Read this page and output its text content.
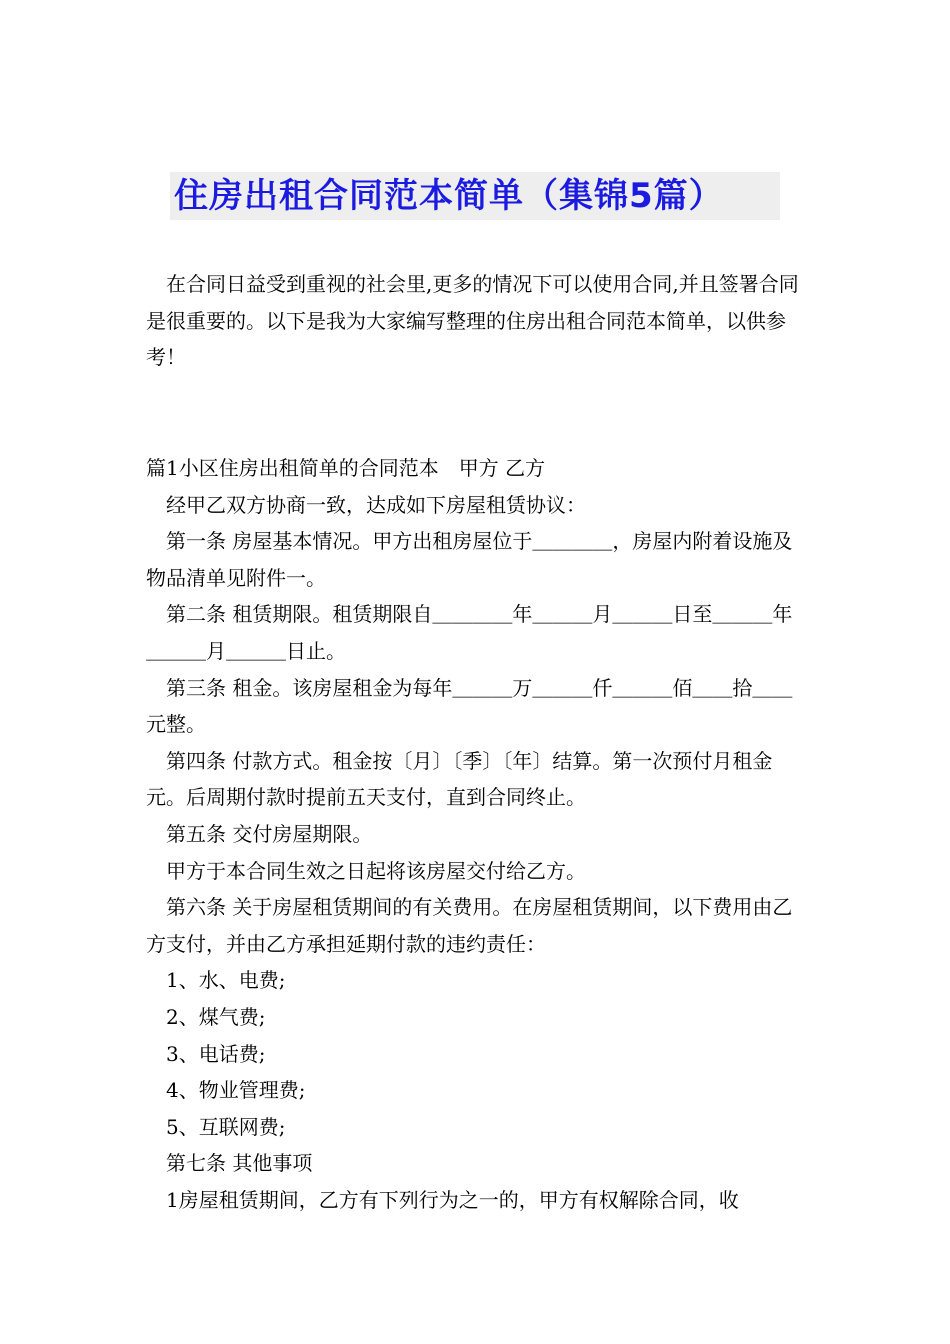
住房出租合同范本简单（集锦5篇）

在合同日益受到重视的社会里,更多的情况下可以使用合同,并且签署合同是很重要的。以下是我为大家编写整理的住房出租合同范本简单，以供参考！

篇1小区住房出租简单的合同范本　甲方 乙方

经甲乙双方协商一致，达成如下房屋租赁协议：

第一条 房屋基本情况。甲方出租房屋位于＿＿＿＿，房屋内附着设施及物品清单见附件一。

第二条 租赁期限。租赁期限自＿＿＿＿年＿＿＿月＿＿＿日至＿＿＿年＿＿＿月＿＿＿日止。

第三条 租金。该房屋租金为每年＿＿＿万＿＿＿仟＿＿＿佰＿＿拾＿＿元整。

第四条 付款方式。租金按〔月〕〔季〕〔年〕结算。第一次预付月租金 元。后周期付款时提前五天支付，直到合同终止。

第五条 交付房屋期限。

甲方于本合同生效之日起将该房屋交付给乙方。

第六条 关于房屋租赁期间的有关费用。在房屋租赁期间，以下费用由乙方支付，并由乙方承担延期付款的违约责任：

1、水、电费;

2、煤气费;

3、电话费;

4、物业管理费;

5、互联网费;

第七条 其他事项

1房屋租赁期间，乙方有下列行为之一的，甲方有权解除合同，收
